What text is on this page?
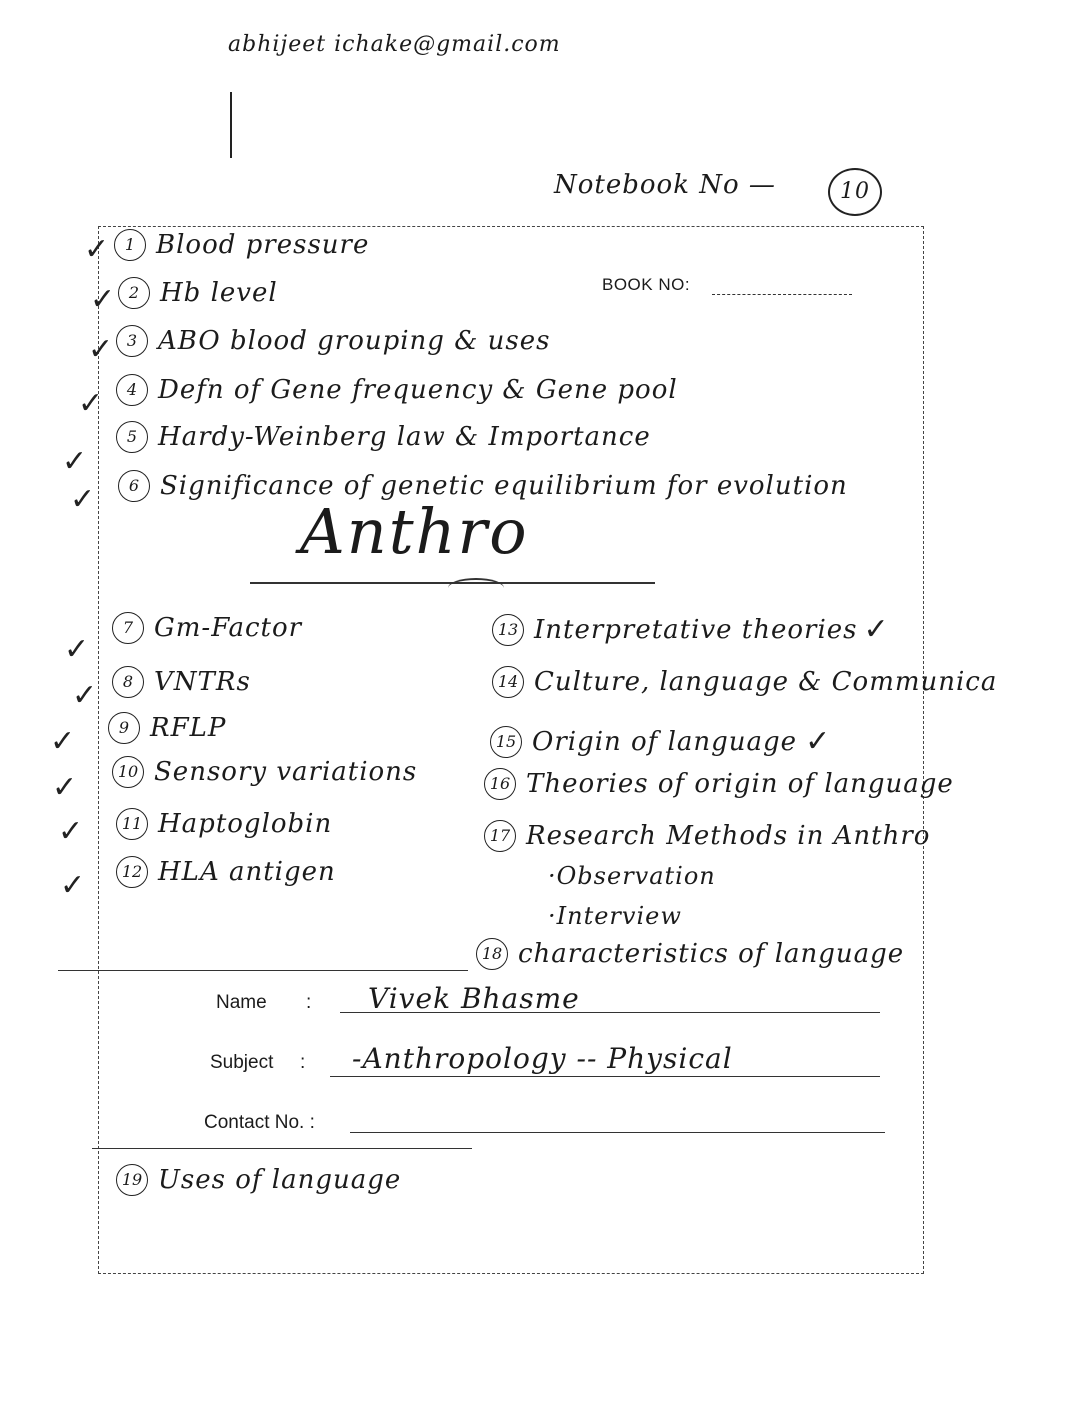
abhijeet ichake@gmail.com
Notebook No —	10
BOOK NO:
1 Blood pressure
2 Hb level
3 ABO blood grouping & uses
4 Defn of Gene frequency & Gene pool
5 Hardy-Weinberg law & Importance
6 Significance of genetic equilibrium for evolution
✓
✓
✓
✓
✓
✓	Anthro
7 Gm-Factor
8 VNTRs
9 RFLP
10 Sensory variations
11 Haptoglobin
12 HLA antigen
✓
✓
✓
✓
✓
✓
13 Interpretative theories ✓
14 Culture, language & Communica
15 Origin of language ✓
16 Theories of origin of language
17 Research Methods in Anthro
·Observation
·Interview
18 characteristics of language
Name : Vivek Bhasme
Subject : -Anthropology -- Physical
Contact No. :
19 Uses of language
